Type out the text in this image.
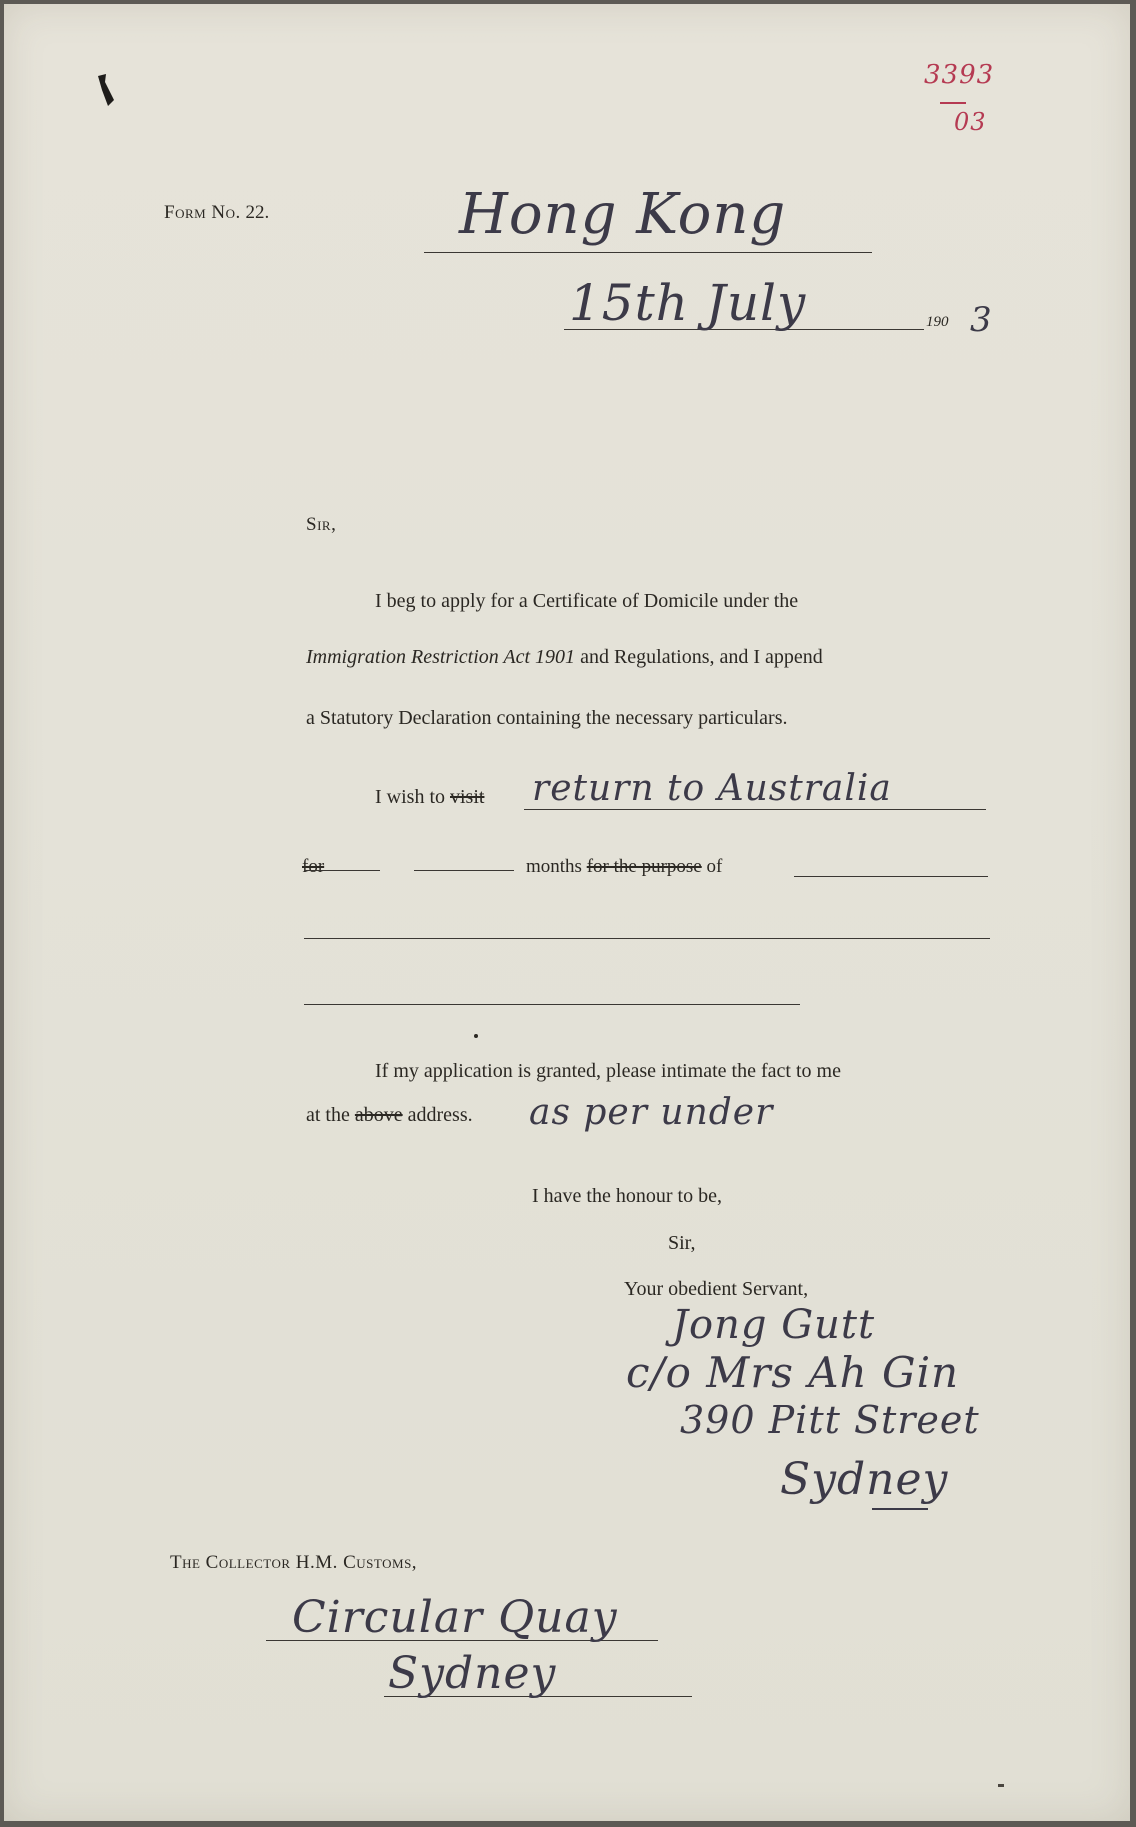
3393
03
Form No. 22.	Hong Kong
15th July	190 3
Sir,
I beg to apply for a Certificate of Domicile under the
Immigration Restriction Act 1901 and Regulations, and I append
a Statutory Declaration containing the necessary particulars.
I wish to visit return to Australia
for	months for the purpose of
If my application is granted, please intimate the fact to me
at the above address. as per under
I have the honour to be,
Sir,
Your obedient Servant,
Jong Gutt
c/o Mrs Ah Gin
390 Pitt Street
Sydney
The Collector H.M. Customs,
Circular Quay
Sydney
